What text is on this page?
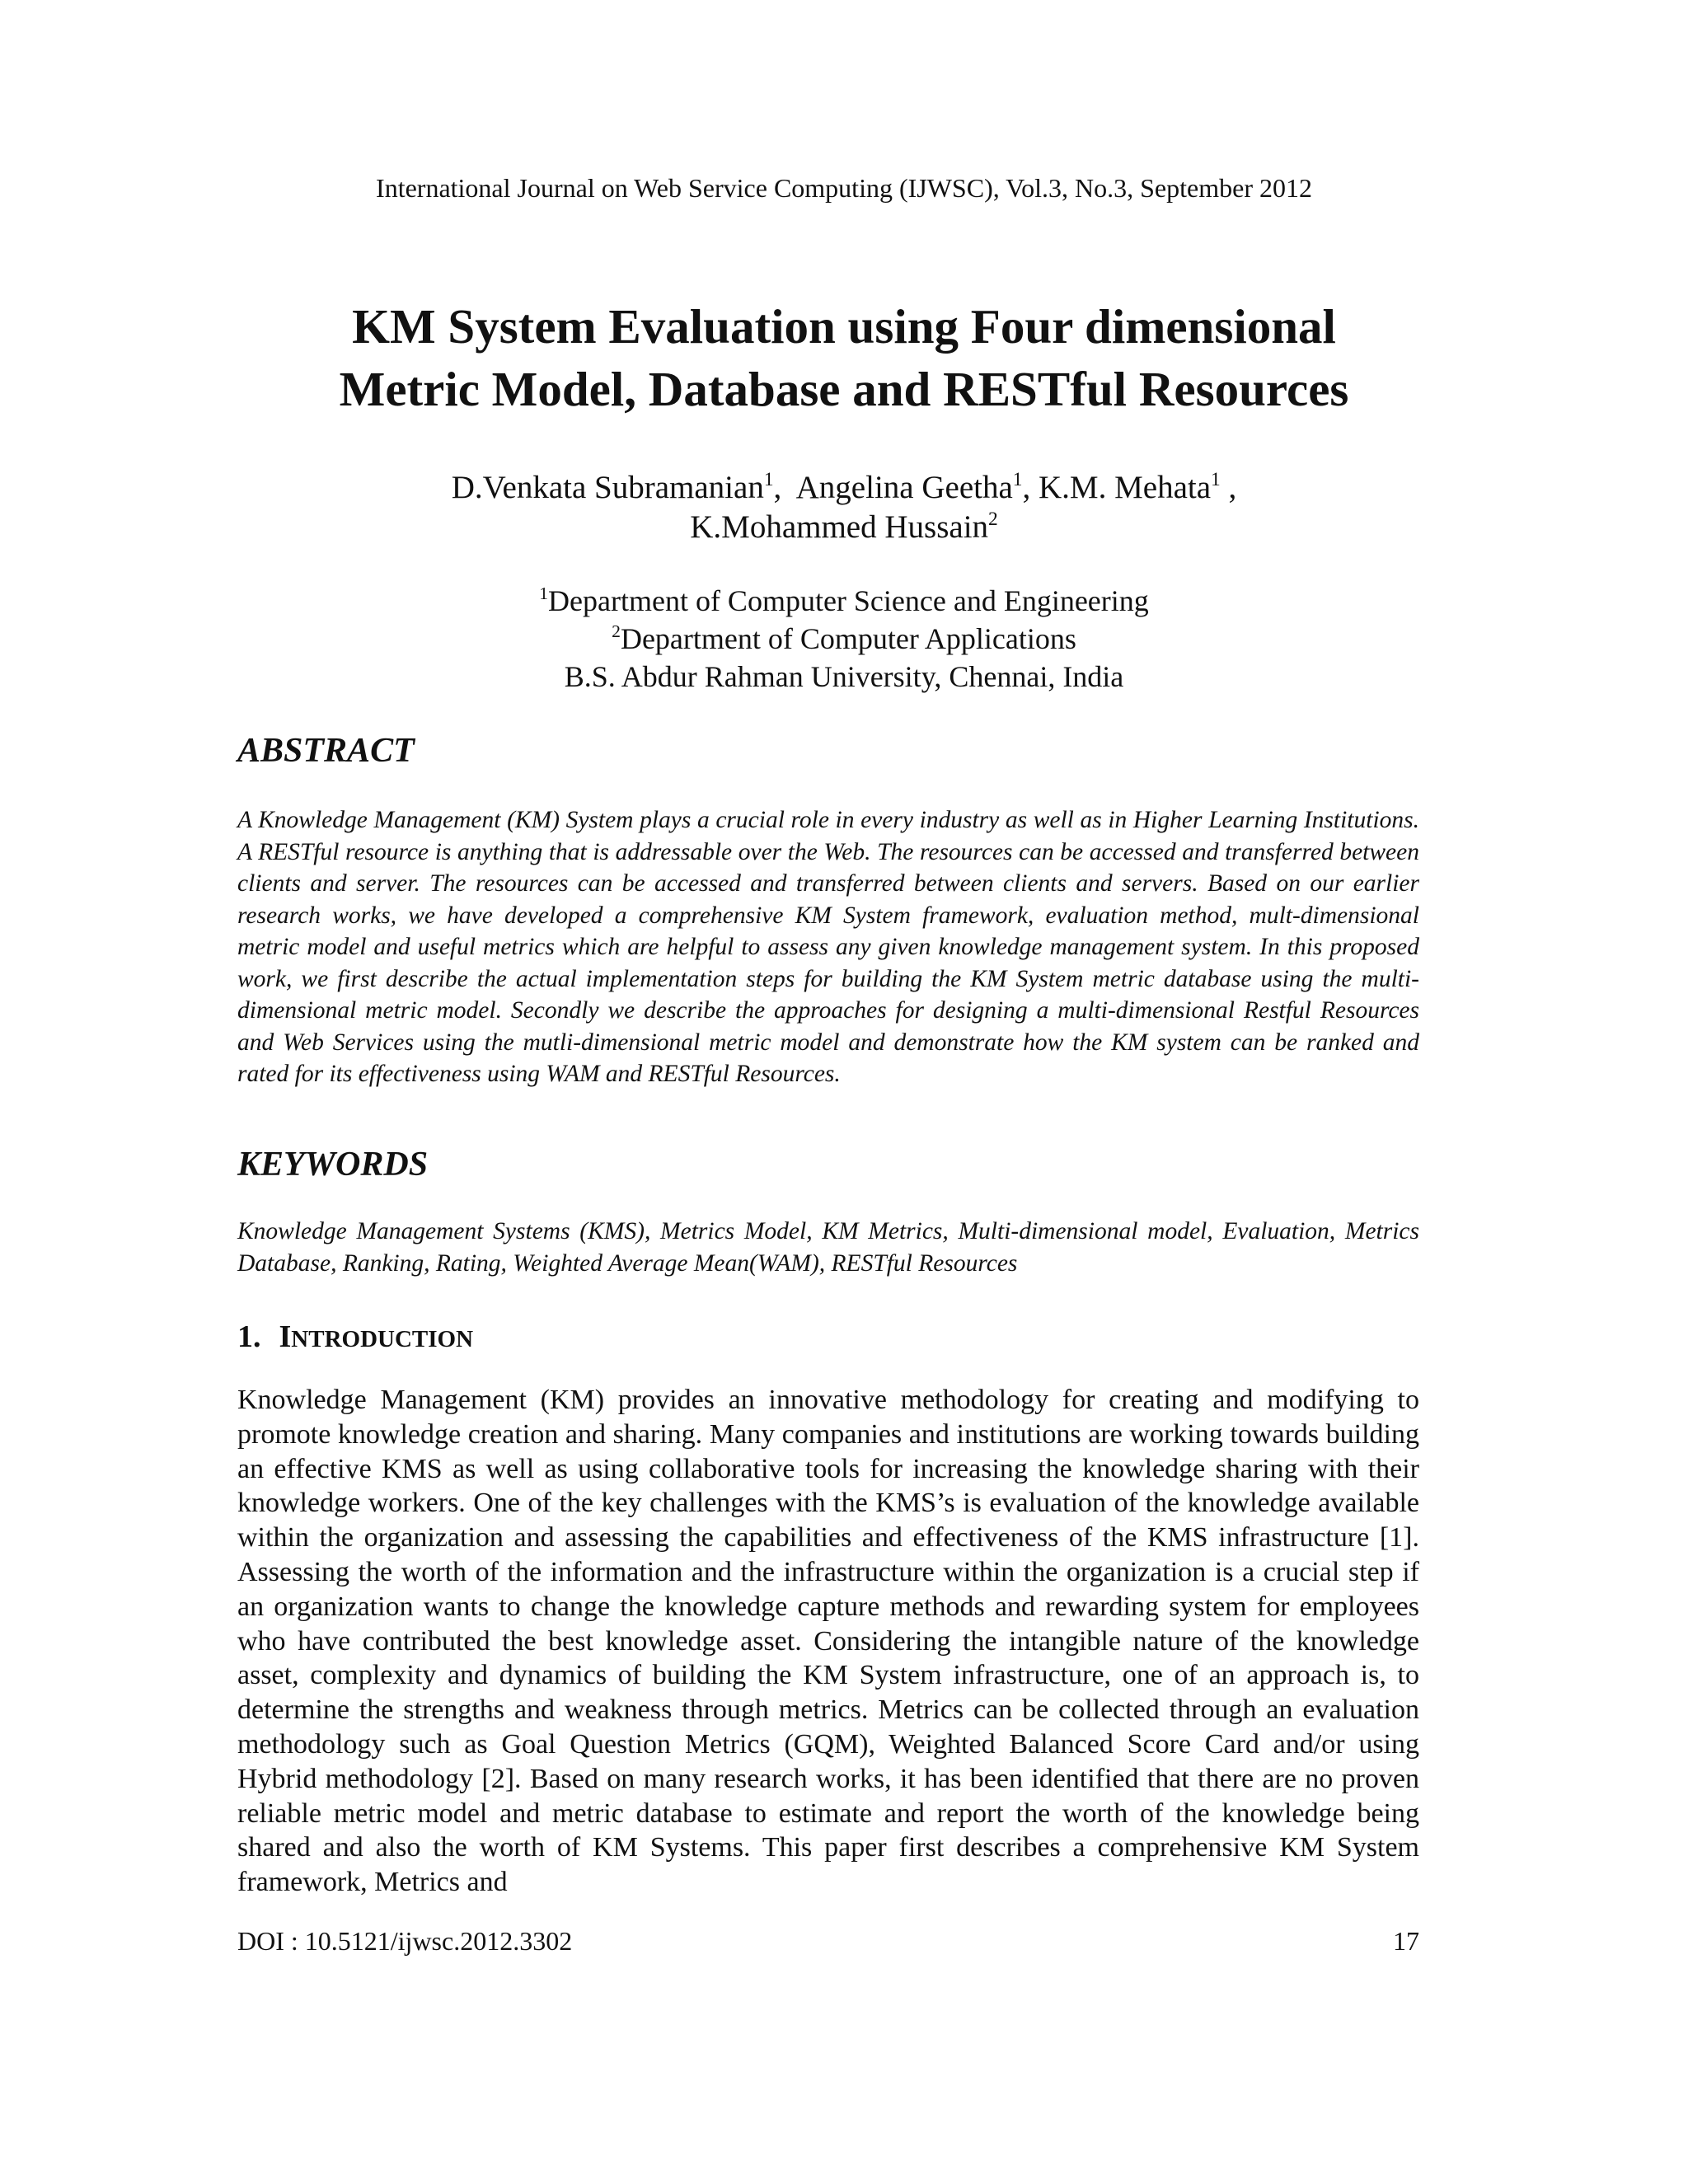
International Journal on Web Service Computing (IJWSC), Vol.3, No.3, September 2012
KM System Evaluation using Four dimensional
Metric Model, Database and RESTful Resources
D.Venkata Subramanian$^1$,  Angelina Geetha$^1$, K.M. Mehata$^1$ ,
K.Mohammed Hussain$^2$
$^1$Department of Computer Science and Engineering
$^2$Department of Computer Applications
B.S. Abdur Rahman University, Chennai, India
ABSTRACT
A Knowledge Management (KM) System plays a crucial role in every industry as well as in Higher Learning Institutions. A RESTful resource is anything that is addressable over the Web. The resources can be accessed and transferred between clients and server. The resources can be accessed and transferred between clients and servers. Based on our earlier research works, we have developed a comprehensive KM System framework, evaluation method, mult-dimensional metric model and useful metrics which are helpful to assess any given knowledge management system. In this proposed work, we first describe the actual implementation steps for building the KM System metric database using the multi-dimensional metric model. Secondly we describe the approaches for designing a multi-dimensional Restful Resources and Web Services using the mutli-dimensional metric model and demonstrate how the KM system can be ranked and rated for its effectiveness using WAM and RESTful Resources.
KEYWORDS
Knowledge Management Systems (KMS), Metrics Model, KM Metrics, Multi-dimensional model, Evaluation, Metrics Database, Ranking, Rating, Weighted Average Mean(WAM), RESTful Resources
1. INTRODUCTION
Knowledge Management (KM) provides an innovative methodology for creating and modifying to promote knowledge creation and sharing. Many companies and institutions are working towards building an effective KMS as well as using collaborative tools for increasing the knowledge sharing with their knowledge workers. One of the key challenges with the KMS’s is evaluation of the knowledge available within the organization and assessing the capabilities and effectiveness of the KMS infrastructure [1]. Assessing the worth of the information and the infrastructure within the organization is a crucial step if an organization wants to change the knowledge capture methods and rewarding system for employees who have contributed the best knowledge asset. Considering the intangible nature of the knowledge asset, complexity and dynamics of building the KM System infrastructure, one of an approach is, to determine the strengths and weakness through metrics. Metrics can be collected through an evaluation methodology such as Goal Question Metrics (GQM), Weighted Balanced Score Card and/or using Hybrid methodology [2]. Based on many research works, it has been identified that there are no proven reliable metric model and metric database to estimate and report the worth of the knowledge being shared and also the worth of KM Systems. This paper first describes a comprehensive KM System framework, Metrics and
DOI : 10.5121/ijwsc.2012.3302	17
